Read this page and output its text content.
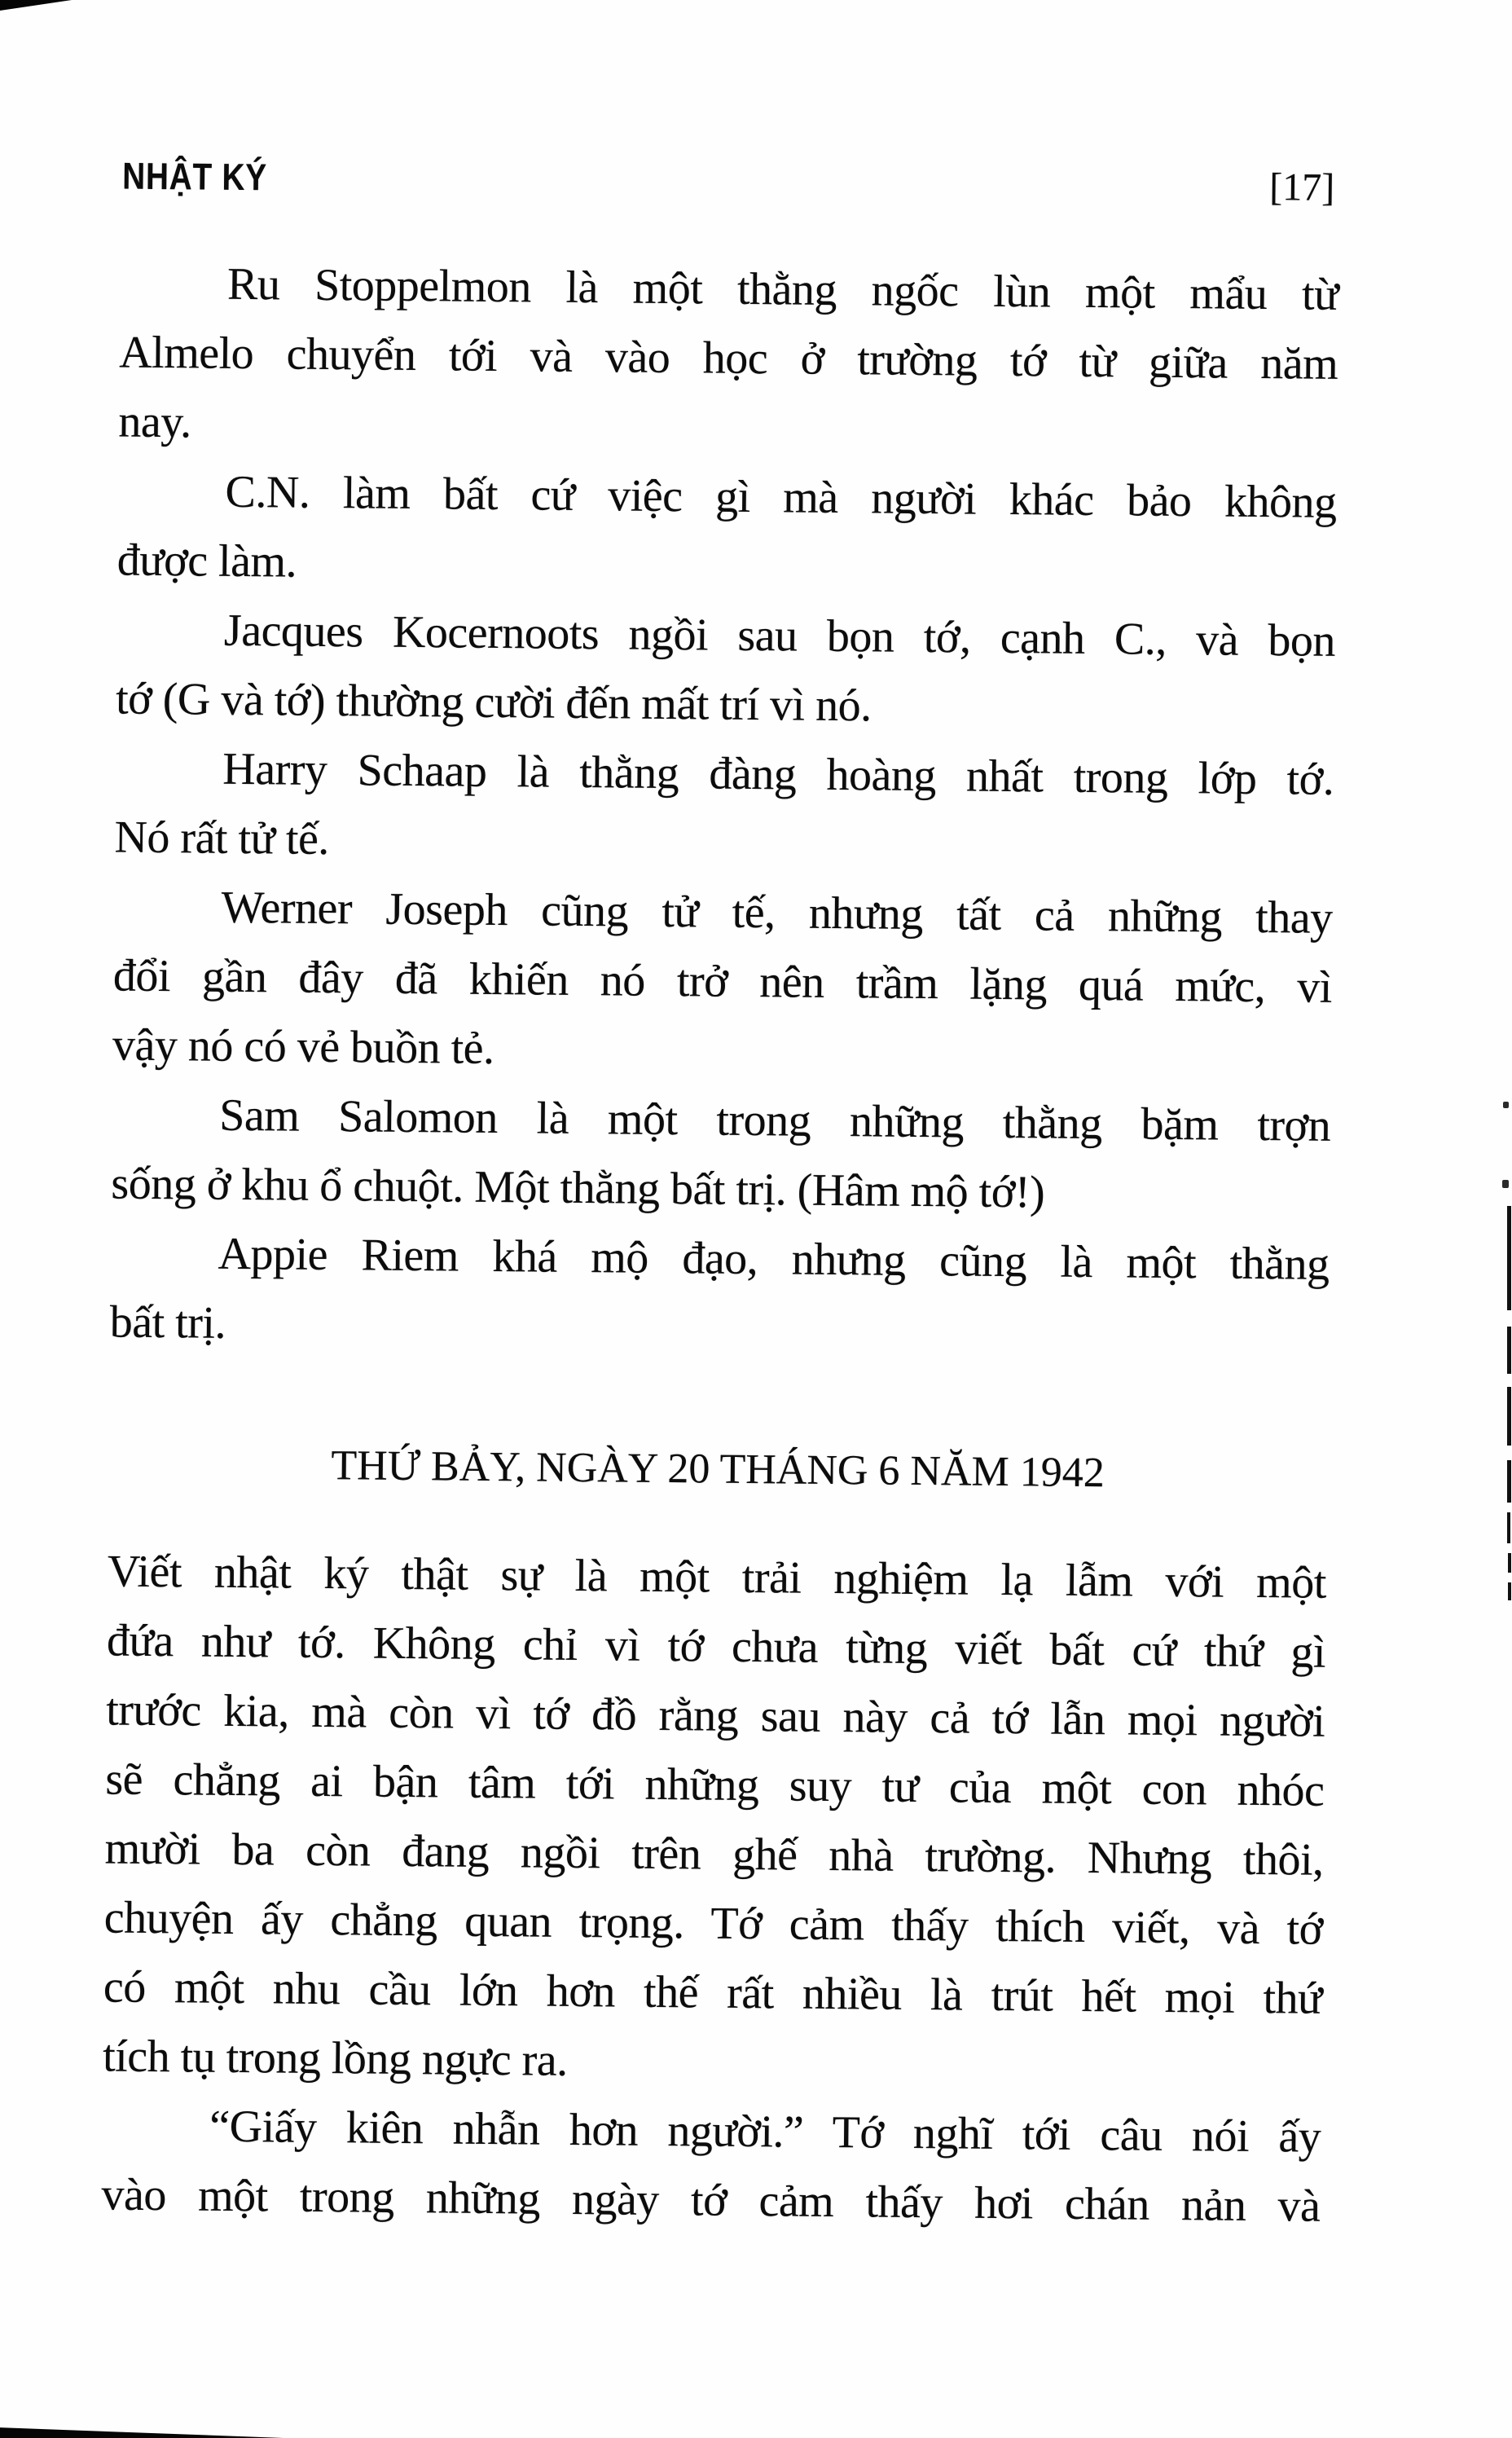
NHẬT KÝ	[17]
Ru Stoppelmon là một thằng ngốc lùn một mẩu từ
Almelo chuyển tới và vào học ở trường tớ từ giữa năm
nay.
C.N. làm bất cứ việc gì mà người khác bảo không
được làm.
Jacques Kocernoots ngồi sau bọn tớ, cạnh C., và bọn
tớ (G và tớ) thường cười đến mất trí vì nó.
Harry Schaap là thằng đàng hoàng nhất trong lớp tớ.
Nó rất tử tế.
Werner Joseph cũng tử tế, nhưng tất cả những thay
đổi gần đây đã khiến nó trở nên trầm lặng quá mức, vì
vậy nó có vẻ buồn tẻ.
Sam Salomon là một trong những thằng bặm trợn
sống ở khu ổ chuột. Một thằng bất trị. (Hâm mộ tớ!)
Appie Riem khá mộ đạo, nhưng cũng là một thằng
bất trị.
THỨ BẢY, NGÀY 20 THÁNG 6 NĂM 1942
Viết nhật ký thật sự là một trải nghiệm lạ lẫm với một
đứa như tớ. Không chỉ vì tớ chưa từng viết bất cứ thứ gì
trước kia, mà còn vì tớ đồ rằng sau này cả tớ lẫn mọi người
sẽ chẳng ai bận tâm tới những suy tư của một con nhóc
mười ba còn đang ngồi trên ghế nhà trường. Nhưng thôi,
chuyện ấy chẳng quan trọng. Tớ cảm thấy thích viết, và tớ
có một nhu cầu lớn hơn thế rất nhiều là trút hết mọi thứ
tích tụ trong lồng ngực ra.
“Giấy kiên nhẫn hơn người.” Tớ nghĩ tới câu nói ấy
vào một trong những ngày tớ cảm thấy hơi chán nản và
